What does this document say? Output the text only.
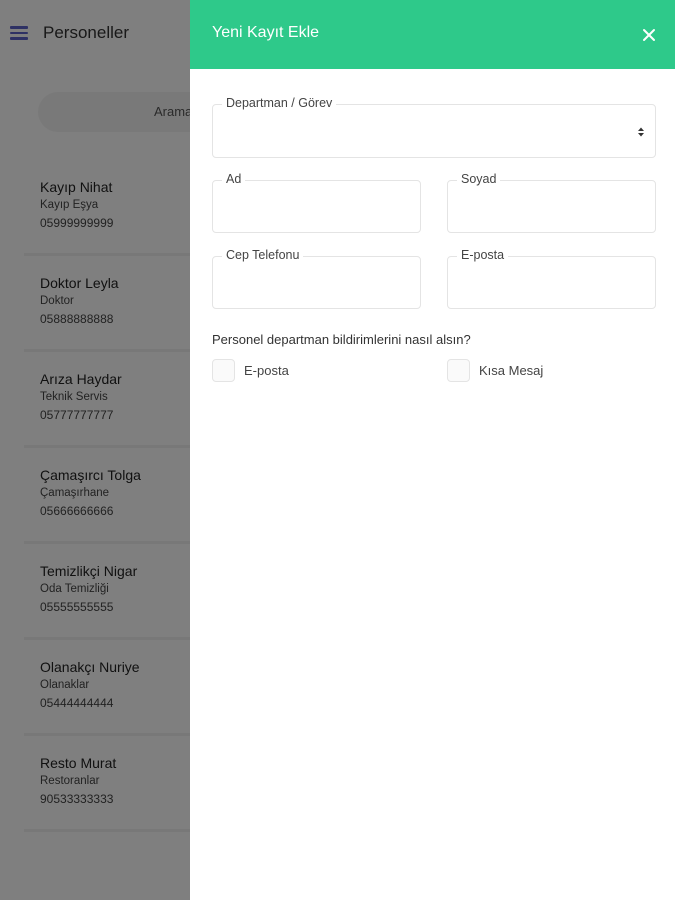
Yeni Kayıt Ekle
Departman / Görev
Ad	Soyad
Cep Telefonu	E-posta
Personel departman bildirimlerini nasıl alsın?
E-posta	Kısa Mesaj
